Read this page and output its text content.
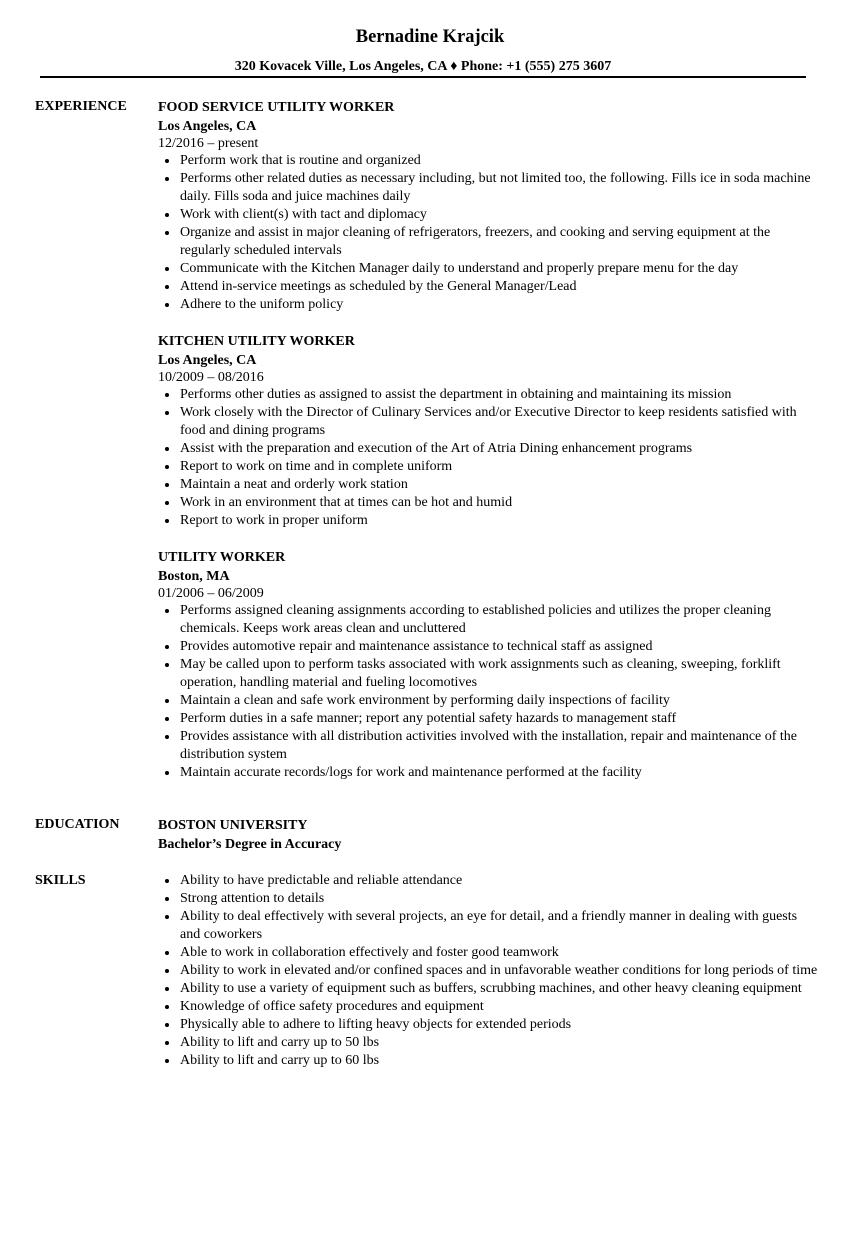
Bernadine Krajcik
320 Kovacek Ville, Los Angeles, CA ♦ Phone: +1 (555) 275 3607
EXPERIENCE FOOD SERVICE UTILITY WORKER
Los Angeles, CA
12/2016 – present
Perform work that is routine and organized
Performs other related duties as necessary including, but not limited too, the following. Fills ice in soda machine daily. Fills soda and juice machines daily
Work with client(s) with tact and diplomacy
Organize and assist in major cleaning of refrigerators, freezers, and cooking and serving equipment at the regularly scheduled intervals
Communicate with the Kitchen Manager daily to understand and properly prepare menu for the day
Attend in-service meetings as scheduled by the General Manager/Lead
Adhere to the uniform policy
KITCHEN UTILITY WORKER
Los Angeles, CA
10/2009 – 08/2016
Performs other duties as assigned to assist the department in obtaining and maintaining its mission
Work closely with the Director of Culinary Services and/or Executive Director to keep residents satisfied with food and dining programs
Assist with the preparation and execution of the Art of Atria Dining enhancement programs
Report to work on time and in complete uniform
Maintain a neat and orderly work station
Work in an environment that at times can be hot and humid
Report to work in proper uniform
UTILITY WORKER
Boston, MA
01/2006 – 06/2009
Performs assigned cleaning assignments according to established policies and utilizes the proper cleaning chemicals. Keeps work areas clean and uncluttered
Provides automotive repair and maintenance assistance to technical staff as assigned
May be called upon to perform tasks associated with work assignments such as cleaning, sweeping, forklift operation, handling material and fueling locomotives
Maintain a clean and safe work environment by performing daily inspections of facility
Perform duties in a safe manner; report any potential safety hazards to management staff
Provides assistance with all distribution activities involved with the installation, repair and maintenance of the distribution system
Maintain accurate records/logs for work and maintenance performed at the facility
EDUCATION	BOSTON UNIVERSITY
Bachelor’s Degree in Accuracy
SKILLS	Ability to have predictable and reliable attendance
Strong attention to details
Ability to deal effectively with several projects, an eye for detail, and a friendly manner in dealing with guests and coworkers
Able to work in collaboration effectively and foster good teamwork
Ability to work in elevated and/or confined spaces and in unfavorable weather conditions for long periods of time
Ability to use a variety of equipment such as buffers, scrubbing machines, and other heavy cleaning equipment
Knowledge of office safety procedures and equipment
Physically able to adhere to lifting heavy objects for extended periods
Ability to lift and carry up to 50 lbs
Ability to lift and carry up to 60 lbs
